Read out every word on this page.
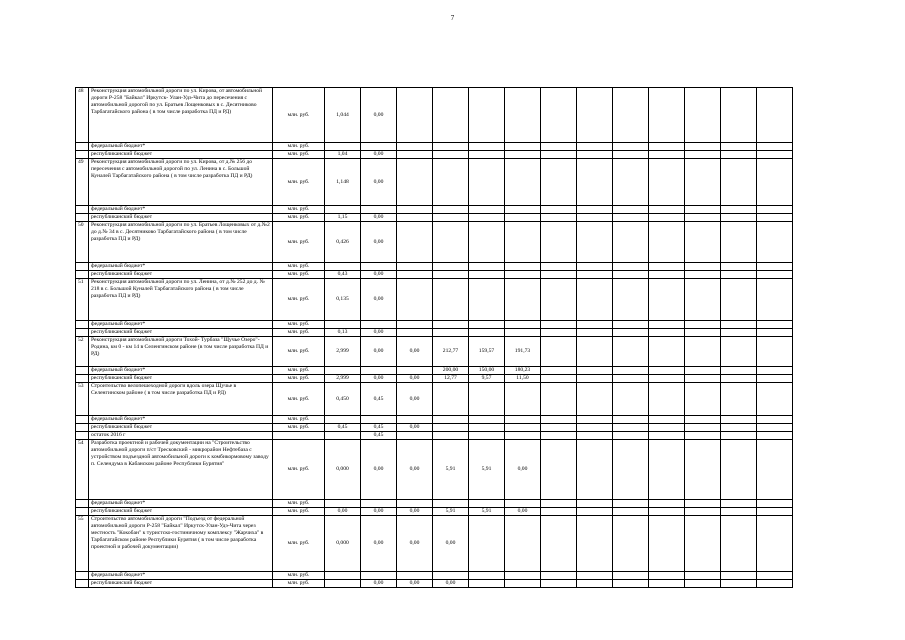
7
48	Реконструкция автомобильной дороги по ул. Кирова, от автомобильной дороги Р-258 "Байкал" Иркутск- Улан-Удэ-Чита до пересечения с автомобильной дорогой по ул. Братьев Лощенковых в с. Десятниково Тарбагатайского района ( в том числе разработка ПД и РД)	млн. руб.	1,044	0,00											
	федеральный бюджет*	млн. руб.													
	республиканский бюджет	млн. руб.	1,04	0,00											
49	Реконструкция автомобильной дороги по ул. Кирова, от д.№ 256 до пересечения с автомобильной дорогой по ул. Ленина в с. Большой Куналей Тарбагатайского района ( в том числе разработка ПД и РД)	млн. руб.	1,148	0,00											
	федеральный бюджет*	млн. руб.													
	республиканский бюджет	млн. руб.	1,15	0,00											
50	Реконструкция автомобильной дороги по ул. Братьев Лощенковых от д.№2 до д.№ 34 в с. Десятниково Тарбагатайского района ( в том числе разработка ПД и РД)	млн. руб.	0,426	0,00											
	федеральный бюджет*	млн. руб.													
	республиканский бюджет	млн. руб.	0,43	0,00											
51	Реконструкция автомобильной дороги по ул. Ленина, от д.№ 252 до д. № 218 в с. Большой Куналей Тарбагатайского района ( в том числе разработка ПД и РД)	млн. руб.	0,135	0,00											
	федеральный бюджет*	млн. руб.													
	республиканский бюджет	млн. руб.	0,13	0,00											
52	Реконструкция автомобильной дороги Тохой- Турбаза "Щучье Озеро"- Родина, км 0 - км 14 в Селенгинском районе (в том числе разработка ПД и РД)	млн. руб.	2,999	0,00	0,00	212,77	159,57	191,73							
	федеральный бюджет*	млн. руб.				200,00	150,00	180,23							
	республиканский бюджет	млн. руб.	2,999	0,00	0,00	12,77	9,57	11,50							
53	Строительство велопешеходной дороги вдоль озера Щучье в Селенгинском районе ( в том числе разработка ПД и РД)	млн. руб.	0,450	0,45	0,00										
	федеральный бюджет*	млн. руб.													
	республиканский бюджет	млн. руб.	0,45	0,45	0,00										
	остаток 2016 г			0,45											
54	Разработка проектной и рабочей документации на "Строительство автомобильной дороги п/ст Тресковский - микрорайон Нефтебаза с устройством подъездной автомобильной дороги к комбикормовому заводу п. Селендума в Кабанском районе Республики Бурятия"	млн. руб.	0,000	0,00	0,00	5,91	5,91	0,00							
	федеральный бюджет*	млн. руб.													
	республиканский бюджет	млн. руб.	0,00	0,00	0,00	5,91	5,91	0,00							
55	Строительство автомобильной дороги "Подъезд от федеральной автомобильной дороги Р-258 "Байкал" Иркутск-Улан-Удэ-Чита через местность "Кокобан" к туристско-гостиничному комплексу "Жарчиха" в Тарбагатайском районе Республики Бурятия ( в том числе разработка проектной и рабочей документации)	млн. руб.	0,000	0,00	0,00	0,00									
	федеральный бюджет*	млн. руб.													
	республиканский бюджет	млн. руб.		0,00	0,00	0,00									
